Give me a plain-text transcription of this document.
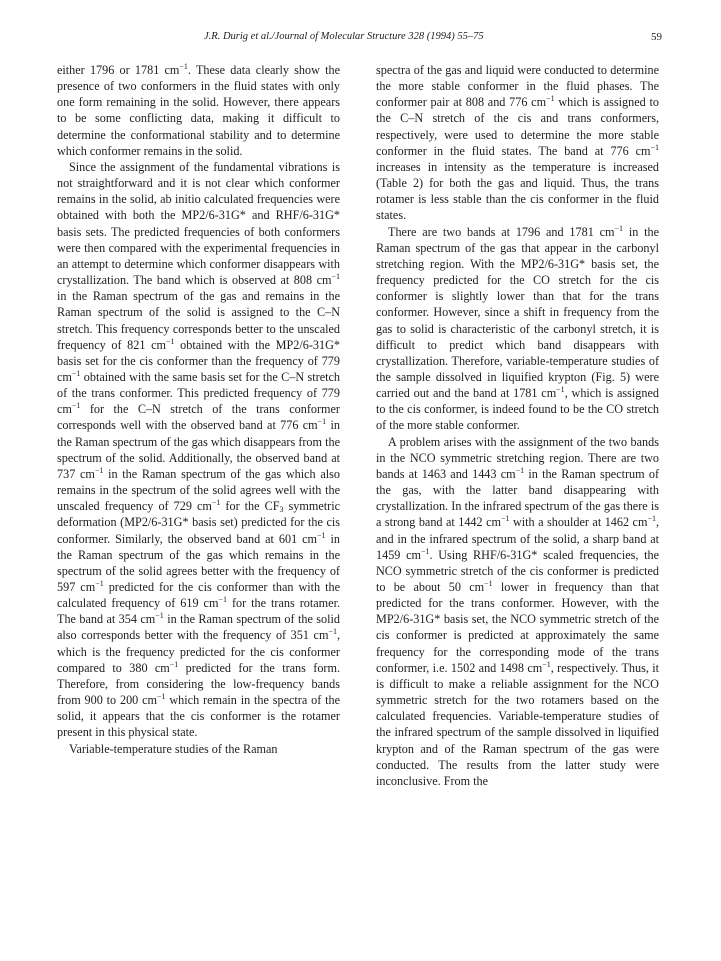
J.R. Durig et al./Journal of Molecular Structure 328 (1994) 55–75	59

either 1796 or 1781 $cm^{-1}$. These data clearly show the presence of two conformers in the fluid states with only one form remaining in the solid. However, there appears to be some conflicting data, making it difficult to determine the conformational stability and to determine which conformer remains in the solid.

Since the assignment of the fundamental vibrations is not straightforward and it is not clear which conformer remains in the solid, ab initio calculated frequencies were obtained with both the MP2/6-31G* and RHF/6-31G* basis sets. The predicted frequencies of both conformers were then compared with the experimental frequencies in an attempt to determine which conformer disappears with crystallization. The band which is observed at 808 $cm^{-1}$ in the Raman spectrum of the gas and remains in the Raman spectrum of the solid is assigned to the C–N stretch. This frequency corresponds better to the unscaled frequency of 821 $cm^{-1}$ obtained with the MP2/6-31G* basis set for the cis conformer than the frequency of 779 $cm^{-1}$ obtained with the same basis set for the C–N stretch of the trans conformer. This predicted frequency of 779 $cm^{-1}$ for the C–N stretch of the trans conformer corresponds well with the observed band at 776 $cm^{-1}$ in the Raman spectrum of the gas which disappears from the spectrum of the solid. Additionally, the observed band at 737 $cm^{-1}$ in the Raman spectrum of the gas which also remains in the spectrum of the solid agrees well with the unscaled frequency of 729 $cm^{-1}$ for the $CF_3$ symmetric deformation (MP2/6-31G* basis set) predicted for the cis conformer. Similarly, the observed band at 601 $cm^{-1}$ in the Raman spectrum of the gas which remains in the spectrum of the solid agrees better with the frequency of 597 $cm^{-1}$ predicted for the cis conformer than with the calculated frequency of 619 $cm^{-1}$ for the trans rotamer. The band at 354 $cm^{-1}$ in the Raman spectrum of the solid also corresponds better with the frequency of 351 $cm^{-1}$, which is the frequency predicted for the cis conformer compared to 380 $cm^{-1}$ predicted for the trans form. Therefore, from considering the low-frequency bands from 900 to 200 $cm^{-1}$ which remain in the spectra of the solid, it appears that the cis conformer is the rotamer present in this physical state.

Variable-temperature studies of the Raman

spectra of the gas and liquid were conducted to determine the more stable conformer in the fluid phases. The conformer pair at 808 and 776 $cm^{-1}$ which is assigned to the C–N stretch of the cis and trans conformers, respectively, were used to determine the more stable conformer in the fluid states. The band at 776 $cm^{-1}$ increases in intensity as the temperature is increased (Table 2) for both the gas and liquid. Thus, the trans rotamer is less stable than the cis conformer in the fluid states.

There are two bands at 1796 and 1781 $cm^{-1}$ in the Raman spectrum of the gas that appear in the carbonyl stretching region. With the MP2/6-31G* basis set, the frequency predicted for the CO stretch for the cis conformer is slightly lower than that for the trans conformer. However, since a shift in frequency from the gas to solid is characteristic of the carbonyl stretch, it is difficult to predict which band disappears with crystallization. Therefore, variable-temperature studies of the sample dissolved in liquified krypton (Fig. 5) were carried out and the band at 1781 $cm^{-1}$, which is assigned to the cis conformer, is indeed found to be the CO stretch of the more stable conformer.

A problem arises with the assignment of the two bands in the NCO symmetric stretching region. There are two bands at 1463 and 1443 $cm^{-1}$ in the Raman spectrum of the gas, with the latter band disappearing with crystallization. In the infrared spectrum of the gas there is a strong band at 1442 $cm^{-1}$ with a shoulder at 1462 $cm^{-1}$, and in the infrared spectrum of the solid, a sharp band at 1459 $cm^{-1}$. Using RHF/6-31G* scaled frequencies, the NCO symmetric stretch of the cis conformer is predicted to be about 50 $cm^{-1}$ lower in frequency than that predicted for the trans conformer. However, with the MP2/6-31G* basis set, the NCO symmetric stretch of the cis conformer is predicted at approximately the same frequency for the corresponding mode of the trans conformer, i.e. 1502 and 1498 $cm^{-1}$, respectively. Thus, it is difficult to make a reliable assignment for the NCO symmetric stretch for the two rotamers based on the calculated frequencies. Variable-temperature studies of the infrared spectrum of the sample dissolved in liquified krypton and of the Raman spectrum of the gas were conducted. The results from the latter study were inconclusive. From the
